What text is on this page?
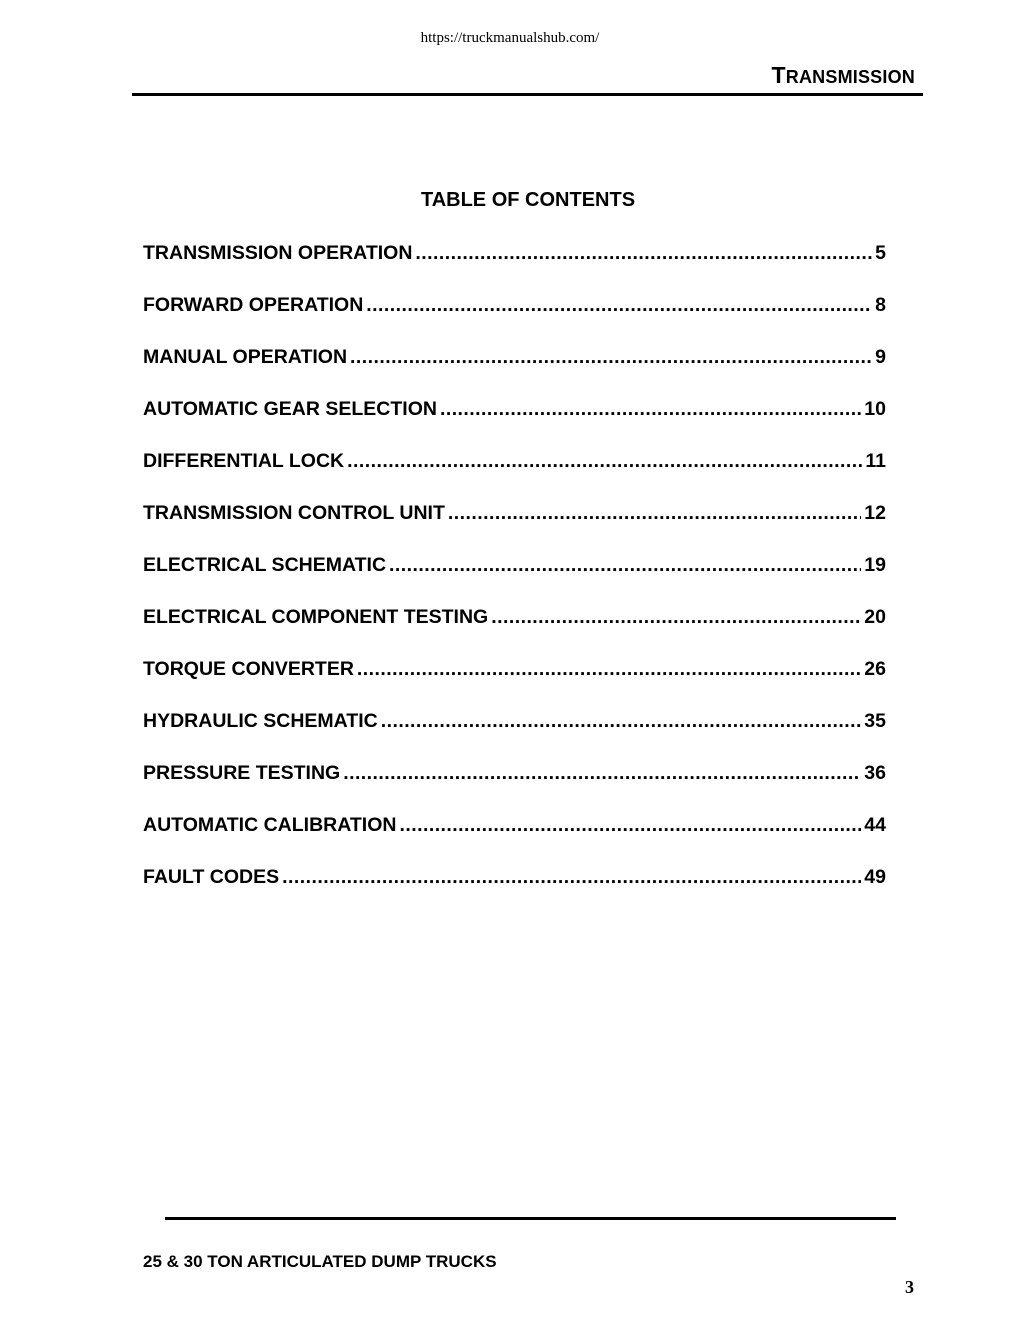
https://truckmanualshub.com/
TRANSMISSION
TABLE OF CONTENTS
TRANSMISSION OPERATION .....	5
FORWARD OPERATION .....	8
MANUAL OPERATION .....	9
AUTOMATIC GEAR SELECTION .....	10
DIFFERENTIAL LOCK .....	11
TRANSMISSION CONTROL UNIT .....	12
ELECTRICAL SCHEMATIC .....	19
ELECTRICAL COMPONENT TESTING .....	20
TORQUE CONVERTER .....	26
HYDRAULIC SCHEMATIC .....	35
PRESSURE TESTING .....	36
AUTOMATIC CALIBRATION .....	44
FAULT CODES .....	49
25 & 30 TON ARTICULATED DUMP TRUCKS
3
